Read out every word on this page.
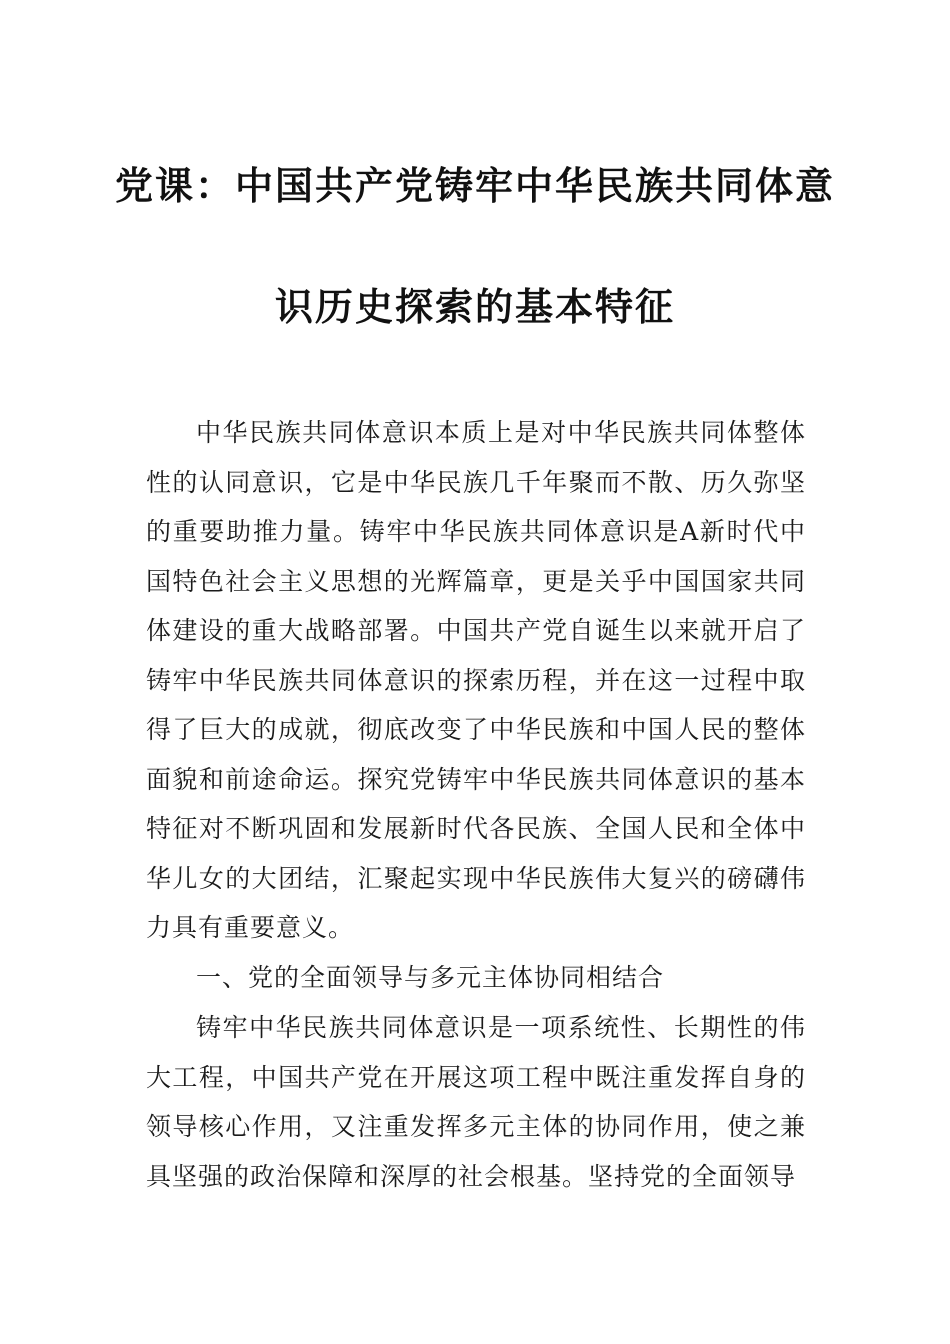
党课：中国共产党铸牢中华民族共同体意
识历史探索的基本特征

中华民族共同体意识本质上是对中华民族共同体整体性的认同意识，它是中华民族几千年聚而不散、历久弥坚的重要助推力量。铸牢中华民族共同体意识是A新时代中国特色社会主义思想的光辉篇章，更是关乎中国国家共同体建设的重大战略部署。中国共产党自诞生以来就开启了铸牢中华民族共同体意识的探索历程，并在这一过程中取得了巨大的成就，彻底改变了中华民族和中国人民的整体面貌和前途命运。探究党铸牢中华民族共同体意识的基本特征对不断巩固和发展新时代各民族、全国人民和全体中华儿女的大团结，汇聚起实现中华民族伟大复兴的磅礴伟力具有重要意义。

一、党的全面领导与多元主体协同相结合

铸牢中华民族共同体意识是一项系统性、长期性的伟大工程，中国共产党在开展这项工程中既注重发挥自身的领导核心作用，又注重发挥多元主体的协同作用，使之兼具坚强的政治保障和深厚的社会根基。坚持党的全面领导
